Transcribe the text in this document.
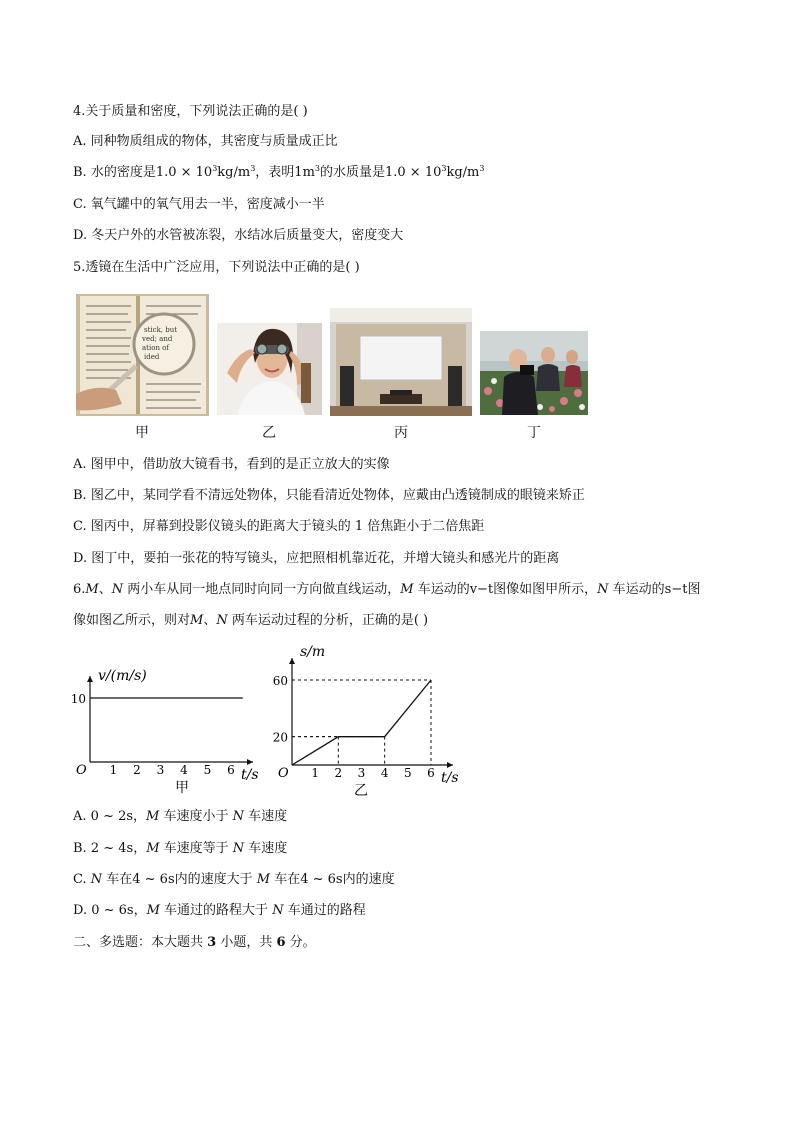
4.关于质量和密度，下列说法正确的是( )
A. 同种物质组成的物体，其密度与质量成正比
B. 水的密度是$1.0 \times 10^3kg/m^3$，表明$1m^3$的水质量是$1.0 \times 10^3kg/m^3$
C. 氧气罐中的氧气用去一半，密度减小一半
D. 冬天户外的水管被冻裂，水结冰后质量变大，密度变大
5.透镜在生活中广泛应用，下列说法中正确的是( )
stick, but
ved; and
ation of
ided
甲	乙	丙	丁
A. 图甲中，借助放大镜看书，看到的是正立放大的实像
B. 图乙中，某同学看不清远处物体，只能看清近处物体，应戴由凸透镜制成的眼镜来矫正
C. 图丙中，屏幕到投影仪镜头的距离大于镜头的 1 倍焦距小于二倍焦距
D. 图丁中，要拍一张花的特写镜头，应把照相机靠近花，并增大镜头和感光片的距离
6.M、N 两小车从同一地点同时向同一方向做直线运动，M 车运动的v−t图像如图甲所示，N 车运动的s−t图
像如图乙所示，则对M、N 两车运动过程的分析，正确的是( )
O	t/s
v/(m/s)
1 2 3 4 5 6
10
甲
O	t/s
s/m
1 2 3 4 5 6
20
60
乙
A. 0 ~ 2s，M 车速度小于 N 车速度
B. 2 ~ 4s，M 车速度等于 N 车速度
C. N 车在4 ~ 6s内的速度大于 M 车在4 ~ 6s内的速度
D. 0 ~ 6s，M 车通过的路程大于 N 车通过的路程
二、多选题：本大题共 3 小题，共 6 分。
